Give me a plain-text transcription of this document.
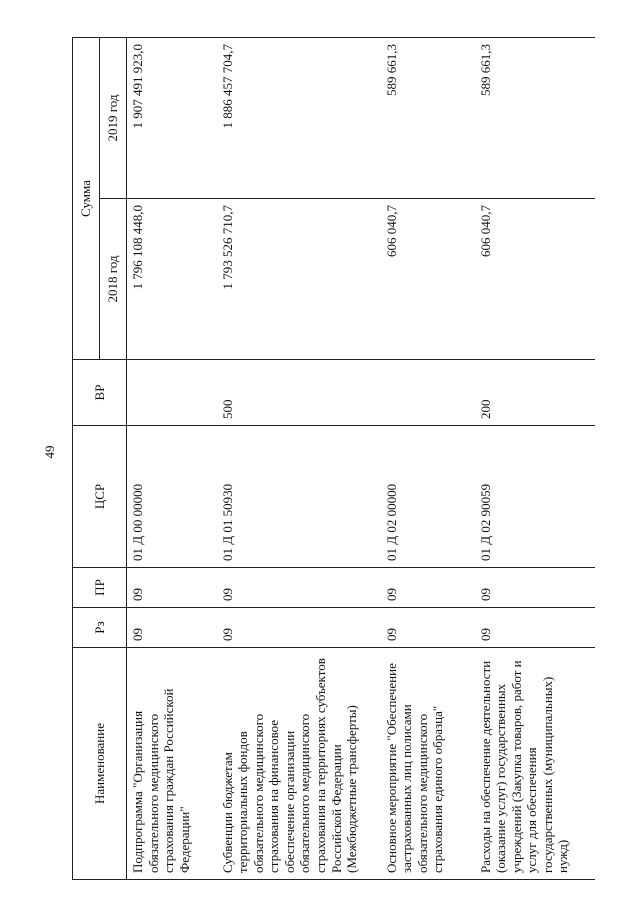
49
Наименование	Рз	ПР	ЦСР	ВР	Сумма	
					2018 год	2019 год
Подпрограмма "Организация обязательного медицинского страхования граждан Российской Федерации"	09	09	01 Д 00 00000		1 796 108 448,0	1 907 491 923,0
Субвенции бюджетам территориальных фондов обязательного медицинского страхования на финансовое обеспечение организации обязательного медицинского страхования на территориях субъектов Российской Федерации (Межбюджетные трансферты)	09	09	01 Д 01 50930	500	1 793 526 710,7	1 886 457 704,7
Основное мероприятие "Обеспечение застрахованных лиц полисами обязательного медицинского страхования единого образца"	09	09	01 Д 02 00000		606 040,7	589 661,3
Расходы на обеспечение деятельности (оказание услуг) государственных учреждений (Закупка товаров, работ и услуг для обеспечения государственных (муниципальных) нужд)	09	09	01 Д 02 90059	200	606 040,7	589 661,3
